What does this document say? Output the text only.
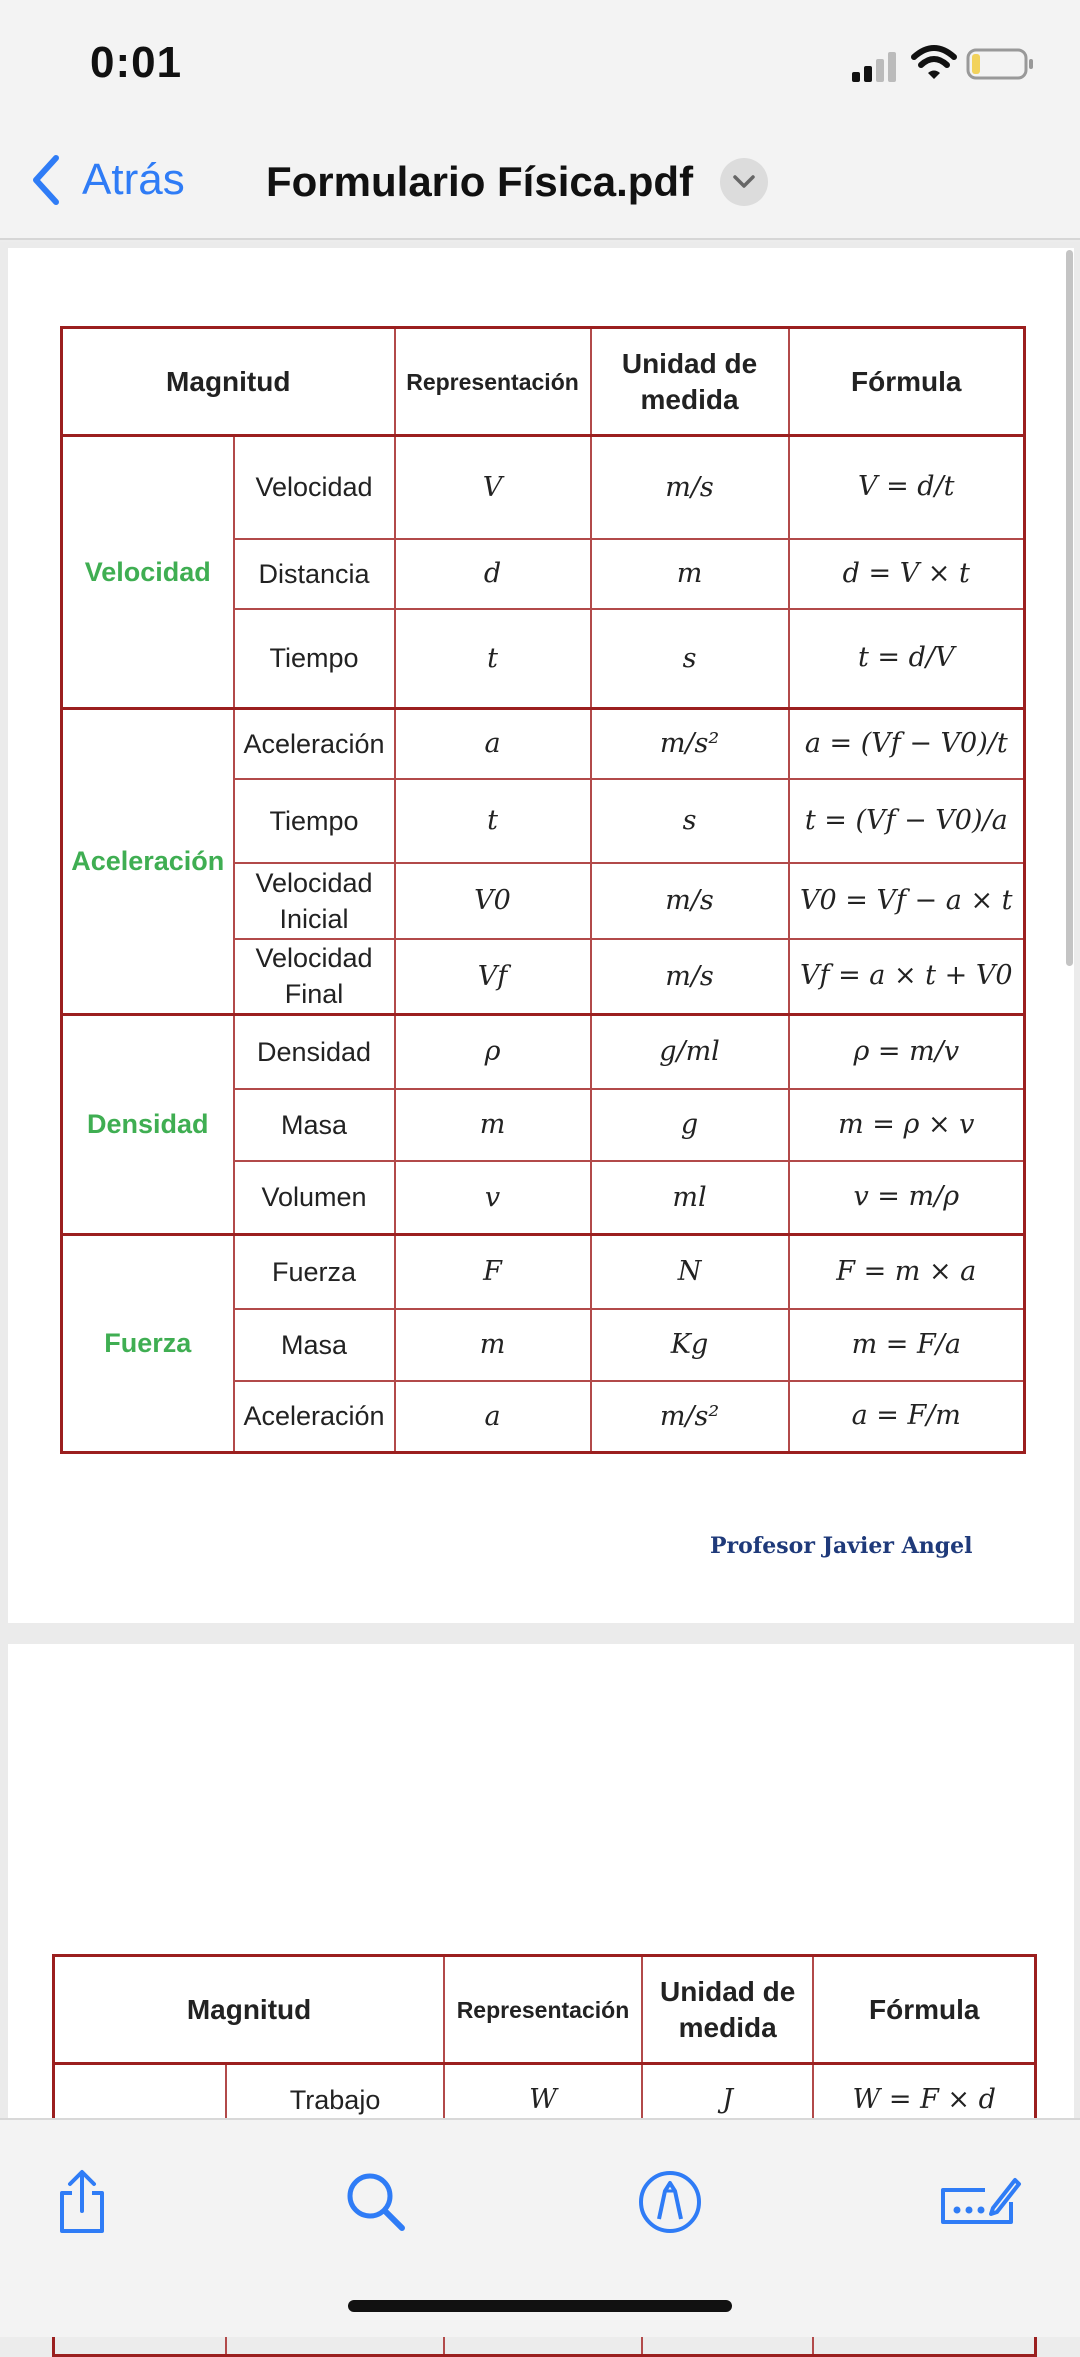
0:01
Atrás Formulario Física.pdf
Magnitud		Representación	Unidad de medida	Fórmula
Velocidad	Velocidad	V	m/s	V = d/t
	Distancia	d	m	d = V × t
	Tiempo	t	s	t = d/V
Aceleración	Aceleración	a	m/s²	a = (Vf − V0)/t
	Tiempo	t	s	t = (Vf − V0)/a
	Velocidad Inicial	V0	m/s	V0 = Vf − a × t
	Velocidad Final	Vf	m/s	Vf = a × t + V0
Densidad	Densidad	ρ	g/ml	ρ = m/v
	Masa	m	g	m = ρ × v
	Volumen	v	ml	v = m/ρ
Fuerza	Fuerza	F	N	F = m × a
	Masa	m	Kg	m = F/a
	Aceleración	a	m/s²	a = F/m
Profesor Javier Angel
Magnitud		Representación	Unidad de medida	Fórmula
	Trabajo	W	J	W = F × d
